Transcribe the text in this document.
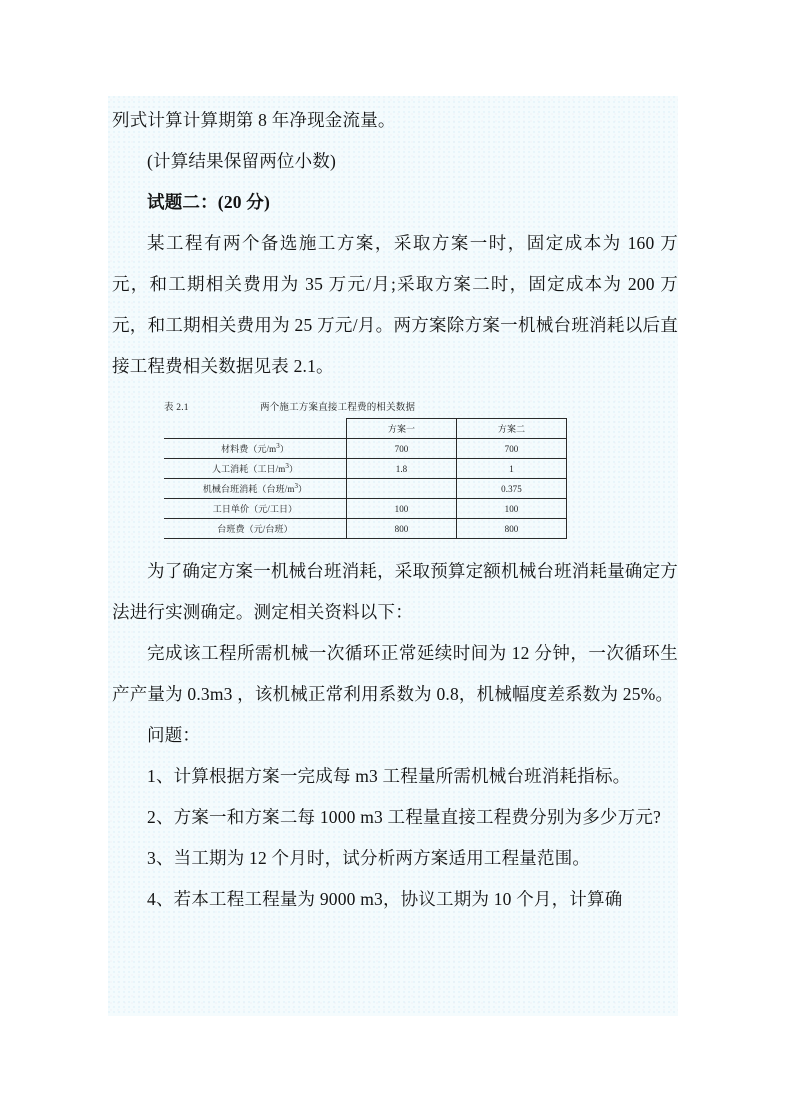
列式计算计算期第 8 年净现金流量。

(计算结果保留两位小数)

试题二：(20 分)

某工程有两个备选施工方案，采取方案一时，固定成本为 160 万元，和工期相关费用为 35 万元/月;采取方案二时，固定成本为 200 万元，和工期相关费用为 25 万元/月。两方案除方案一机械台班消耗以后直接工程费相关数据见表 2.1。

表 2.1	两个施工方案直接工程费的相关数据
	方案一	方案二
材料费（元$/m^3$）	700	700
人工消耗（工日$/m^3$）	1.8	1
机械台班消耗（台班$/m^3$）		0.375
工日单价（元/工日）	100	100
台班费（元/台班）	800	800

为了确定方案一机械台班消耗，采取预算定额机械台班消耗量确定方法进行实测确定。测定相关资料以下：

完成该工程所需机械一次循环正常延续时间为 12 分钟，一次循环生产产量为 0.3m3 ，该机械正常利用系数为 0.8，机械幅度差系数为 25%。

问题：

1、计算根据方案一完成每 m3 工程量所需机械台班消耗指标。

2、方案一和方案二每 1000 m3 工程量直接工程费分别为多少万元?

3、当工期为 12 个月时，试分析两方案适用工程量范围。

4、若本工程工程量为 9000 m3，协议工期为 10 个月，计算确
